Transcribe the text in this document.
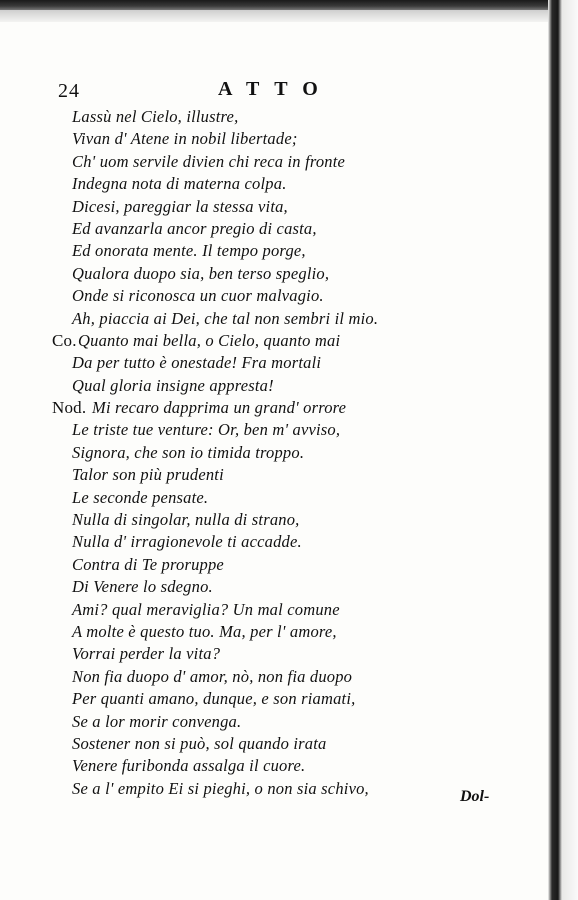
24	ATTO
Lassù nel Cielo, illustre,
Vivan d' Atene in nobil libertade;
Ch' uom servile divien chi reca in fronte
Indegna nota di materna colpa.
Dicesi, pareggiar la stessa vita,
Ed avanzarla ancor pregio di casta,
Ed onorata mente. Il tempo porge,
Qualora duopo sia, ben terso speglio,
Onde si riconosca un cuor malvagio.
Ah, piaccia ai Dei, che tal non sembri il mio.
Co. Quanto mai bella, o Cielo, quanto mai
Da per tutto è onestade! Fra mortali
Qual gloria insigne appresta!
Nod. Mi recaro dapprima un grand' orrore
Le triste tue venture: Or, ben m' avviso,
Signora, che son io timida troppo.
Talor son più prudenti
Le seconde pensate.
Nulla di singolar, nulla di strano,
Nulla d' irragionevole ti accadde.
Contra di Te proruppe
Di Venere lo sdegno.
Ami? qual meraviglia? Un mal comune
A molte è questo tuo. Ma, per l' amore,
Vorrai perder la vita?
Non fia duopo d' amor, nò, non fia duopo
Per quanti amano, dunque, e son riamati,
Se a lor morir convenga.
Sostener non si può, sol quando irata
Venere furibonda assalga il cuore.
Se a l' empito Ei si pieghi, o non sia schivo,	Dol-
